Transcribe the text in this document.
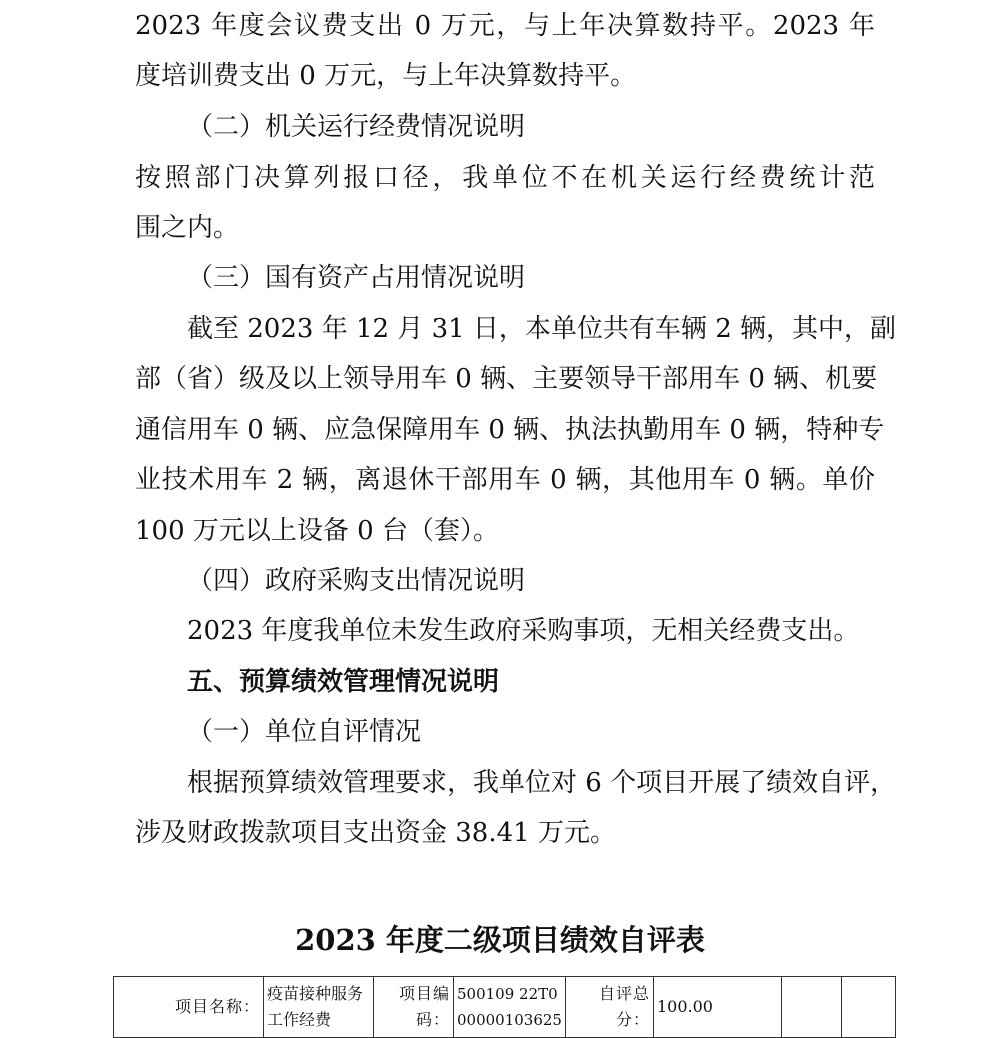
2023 年度会议费支出 0 万元，与上年决算数持平。2023 年
度培训费支出 0 万元，与上年决算数持平。
（二）机关运行经费情况说明
按照部门决算列报口径，我单位不在机关运行经费统计范
围之内。
（三）国有资产占用情况说明
截至 2023 年 12 月 31 日，本单位共有车辆 2 辆，其中，副
部（省）级及以上领导用车 0 辆、主要领导干部用车 0 辆、机要
通信用车 0 辆、应急保障用车 0 辆、执法执勤用车 0 辆，特种专
业技术用车 2 辆，离退休干部用车 0 辆，其他用车 0 辆。单价
100 万元以上设备 0 台（套）。
（四）政府采购支出情况说明
2023 年度我单位未发生政府采购事项，无相关经费支出。
五、预算绩效管理情况说明
（一）单位自评情况
根据预算绩效管理要求，我单位对 6 个项目开展了绩效自评，
涉及财政拨款项目支出资金 38.41 万元。
2023 年度二级项目绩效自评表
项目名称：	疫苗接种服务工作经费	项目编码：	500109 22T000000103625	自评总分：	100.00		
